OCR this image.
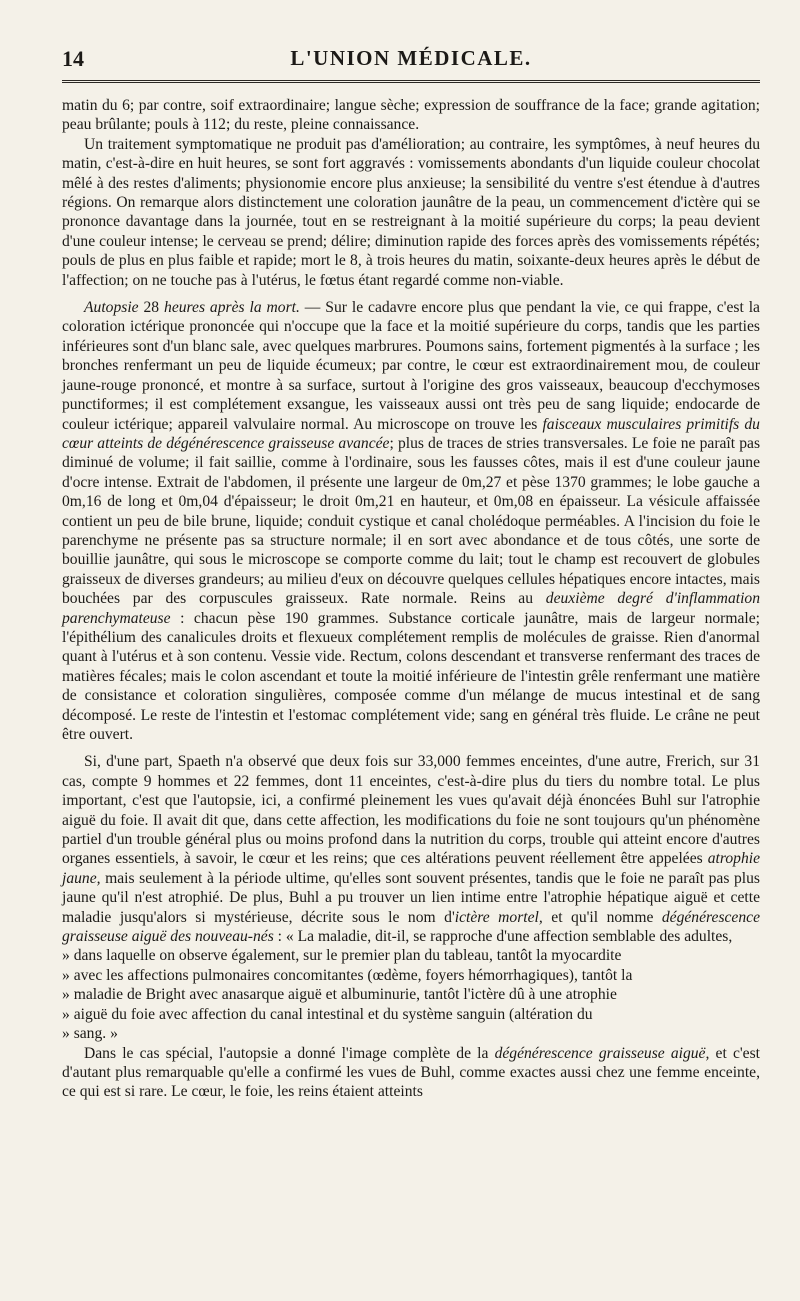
14	L'UNION MÉDICALE.

matin du 6; par contre, soif extraordinaire; langue sèche; expression de souffrance de la face; grande agitation; peau brûlante; pouls à 112; du reste, pleine connaissance.

Un traitement symptomatique ne produit pas d'amélioration; au contraire, les symptômes, à neuf heures du matin, c'est-à-dire en huit heures, se sont fort aggravés : vomissements abondants d'un liquide couleur chocolat mêlé à des restes d'aliments; physionomie encore plus anxieuse; la sensibilité du ventre s'est étendue à d'autres régions. On remarque alors distinctement une coloration jaunâtre de la peau, un commencement d'ictère qui se prononce davantage dans la journée, tout en se restreignant à la moitié supérieure du corps; la peau devient d'une couleur intense; le cerveau se prend; délire; diminution rapide des forces après des vomissements répétés; pouls de plus en plus faible et rapide; mort le 8, à trois heures du matin, soixante-deux heures après le début de l'affection; on ne touche pas à l'utérus, le fœtus étant regardé comme non-viable.

Autopsie 28 heures après la mort. — Sur le cadavre encore plus que pendant la vie, ce qui frappe, c'est la coloration ictérique prononcée qui n'occupe que la face et la moitié supérieure du corps, tandis que les parties inférieures sont d'un blanc sale, avec quelques marbrures. Poumons sains, fortement pigmentés à la surface ; les bronches renfermant un peu de liquide écumeux; par contre, le cœur est extraordinairement mou, de couleur jaune-rouge prononcé, et montre à sa surface, surtout à l'origine des gros vaisseaux, beaucoup d'ecchymoses punctiformes; il est complétement exsangue, les vaisseaux aussi ont très peu de sang liquide; endocarde de couleur ictérique; appareil valvulaire normal. Au microscope on trouve les faisceaux musculaires primitifs du cœur atteints de dégénérescence graisseuse avancée; plus de traces de stries transversales. Le foie ne paraît pas diminué de volume; il fait saillie, comme à l'ordinaire, sous les fausses côtes, mais il est d'une couleur jaune d'ocre intense. Extrait de l'abdomen, il présente une largeur de 0m,27 et pèse 1370 grammes; le lobe gauche a 0m,16 de long et 0m,04 d'épaisseur; le droit 0m,21 en hauteur, et 0m,08 en épaisseur. La vésicule affaissée contient un peu de bile brune, liquide; conduit cystique et canal cholédoque perméables. A l'incision du foie le parenchyme ne présente pas sa structure normale; il en sort avec abondance et de tous côtés, une sorte de bouillie jaunâtre, qui sous le microscope se comporte comme du lait; tout le champ est recouvert de globules graisseux de diverses grandeurs; au milieu d'eux on découvre quelques cellules hépatiques encore intactes, mais bouchées par des corpuscules graisseux. Rate normale. Reins au deuxième degré d'inflammation parenchymateuse : chacun pèse 190 grammes. Substance corticale jaunâtre, mais de largeur normale; l'épithélium des canalicules droits et flexueux complétement remplis de molécules de graisse. Rien d'anormal quant à l'utérus et à son contenu. Vessie vide. Rectum, colons descendant et transverse renfermant des traces de matières fécales; mais le colon ascendant et toute la moitié inférieure de l'intestin grêle renfermant une matière de consistance et coloration singulières, composée comme d'un mélange de mucus intestinal et de sang décomposé. Le reste de l'intestin et l'estomac complétement vide; sang en général très fluide. Le crâne ne peut être ouvert.

Si, d'une part, Spaeth n'a observé que deux fois sur 33,000 femmes enceintes, d'une autre, Frerich, sur 31 cas, compte 9 hommes et 22 femmes, dont 11 enceintes, c'est-à-dire plus du tiers du nombre total. Le plus important, c'est que l'autopsie, ici, a confirmé pleinement les vues qu'avait déjà énoncées Buhl sur l'atrophie aiguë du foie. Il avait dit que, dans cette affection, les modifications du foie ne sont toujours qu'un phénomène partiel d'un trouble général plus ou moins profond dans la nutrition du corps, trouble qui atteint encore d'autres organes essentiels, à savoir, le cœur et les reins; que ces altérations peuvent réellement être appelées atrophie jaune, mais seulement à la période ultime, qu'elles sont souvent présentes, tandis que le foie ne paraît pas plus jaune qu'il n'est atrophié. De plus, Buhl a pu trouver un lien intime entre l'atrophie hépatique aiguë et cette maladie jusqu'alors si mystérieuse, décrite sous le nom d'ictère mortel, et qu'il nomme dégénérescence graisseuse aiguë des nouveau-nés : « La maladie, dit-il, se rapproche d'une affection semblable des adultes,

» dans laquelle on observe également, sur le premier plan du tableau, tantôt la myocardite
» avec les affections pulmonaires concomitantes (œdème, foyers hémorrhagiques), tantôt la
» maladie de Bright avec anasarque aiguë et albuminurie, tantôt l'ictère dû à une atrophie
» aiguë du foie avec affection du canal intestinal et du système sanguin (altération du
» sang. »

Dans le cas spécial, l'autopsie a donné l'image complète de la dégénérescence graisseuse aiguë, et c'est d'autant plus remarquable qu'elle a confirmé les vues de Buhl, comme exactes aussi chez une femme enceinte, ce qui est si rare. Le cœur, le foie, les reins étaient atteints
